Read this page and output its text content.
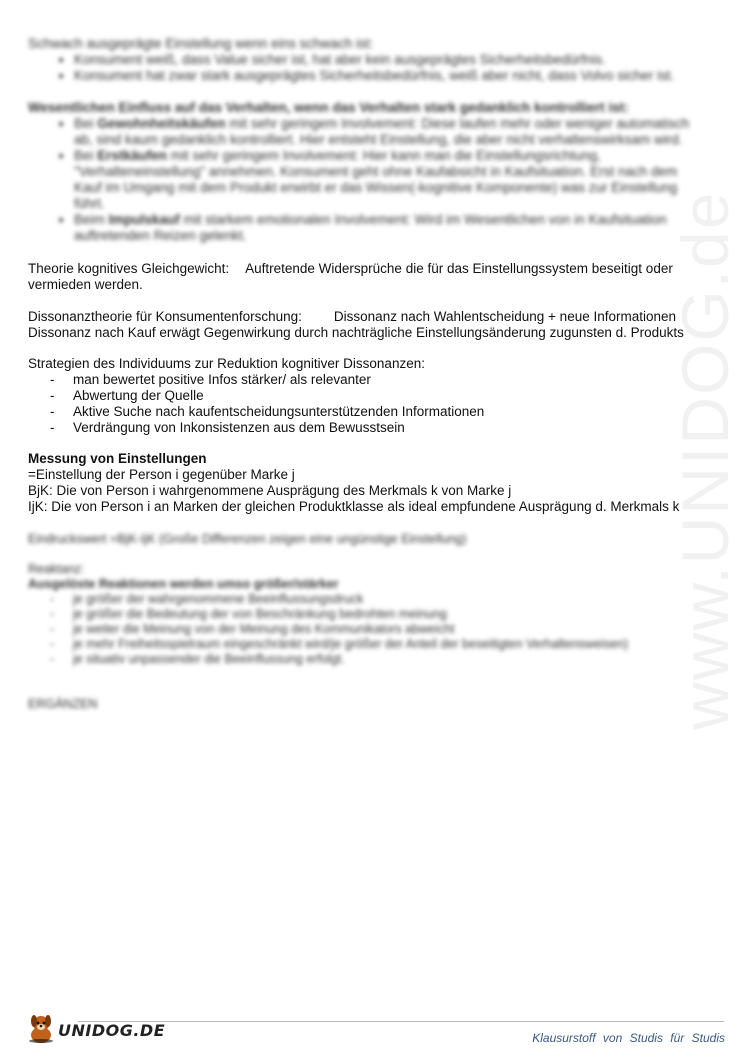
www.UNIDOG.de

Schwach ausgeprägte Einstellung wenn eins schwach ist:

• Konsument weiß, dass Value sicher ist, hat aber kein ausgeprägtes Sicherheitsbedürfnis.
• Konsument hat zwar stark ausgeprägtes Sicherheitsbedürfnis, weiß aber nicht, dass Volvo sicher ist.

Wesentlichen Einfluss auf das Verhalten, wenn das Verhalten stark gedanklich kontrolliert ist:

• Bei Gewohnheitskäufen mit sehr geringem Involvement: Diese laufen mehr oder weniger automatisch ab, sind kaum gedanklich kontrolliert. Hier entsteht Einstellung, die aber nicht verhaltenswirksam wird.
• Bei Erstkäufen mit sehr geringem Involvement: Hier kann man die Einstellungsrichtung, "Verhalteneinstellung" annehmen. Konsument geht ohne Kaufabsicht in Kaufsituation. Erst nach dem Kauf im Umgang mit dem Produkt erwirbt er das Wissen(-kognitive Komponente) was zur Einstellung führt.
• Beim Impulskauf mit starkem emotionalen Involvement: Wird im Wesentlichen von in Kaufsituation auftretenden Reizen gelenkt.

Theorie kognitives Gleichgewicht: Auftretende Widersprüche die für das Einstellungssystem beseitigt oder vermieden werden.

Dissonanztheorie für Konsumentenforschung: Dissonanz nach Wahlentscheidung + neue Informationen

Dissonanz nach Kauf erwägt Gegenwirkung durch nachträgliche Einstellungsänderung zugunsten d. Produkts

Strategien des Individuums zur Reduktion kognitiver Dissonanzen:

- man bewertet positive Infos stärker/ als relevanter
- Abwertung der Quelle
- Aktive Suche nach kaufentscheidungsunterstützenden Informationen
- Verdrängung von Inkonsistenzen aus dem Bewusstsein

Messung von Einstellungen

=Einstellung der Person i gegenüber Marke j

BjK: Die von Person i wahrgenommene Ausprägung des Merkmals k von Marke j

IjK: Die von Person i an Marken der gleichen Produktklasse als ideal empfundene Ausprägung d. Merkmals k

Eindruckswert =BjK-IjK (Große Differenzen zeigen eine ungünstige Einstellung)

Reaktanz:

Ausgelöste Reaktionen werden umso größer/stärker

- je größer der wahrgenommene Beeinflussungsdruck
- je größer die Bedeutung der von Beschränkung bedrohten meinung
- je weiter die Meinung von der Meinung des Kommunikators abweicht
- je mehr Freiheitsspielraum eingeschränkt wird/je größer der Anteil der beseitigten Verhaltensweisen)
- je situativ unpassender die Beeinflussung erfolgt.

ERGÄNZEN

UNIDOG.DE	Klausurstoff von Studis für Studis
